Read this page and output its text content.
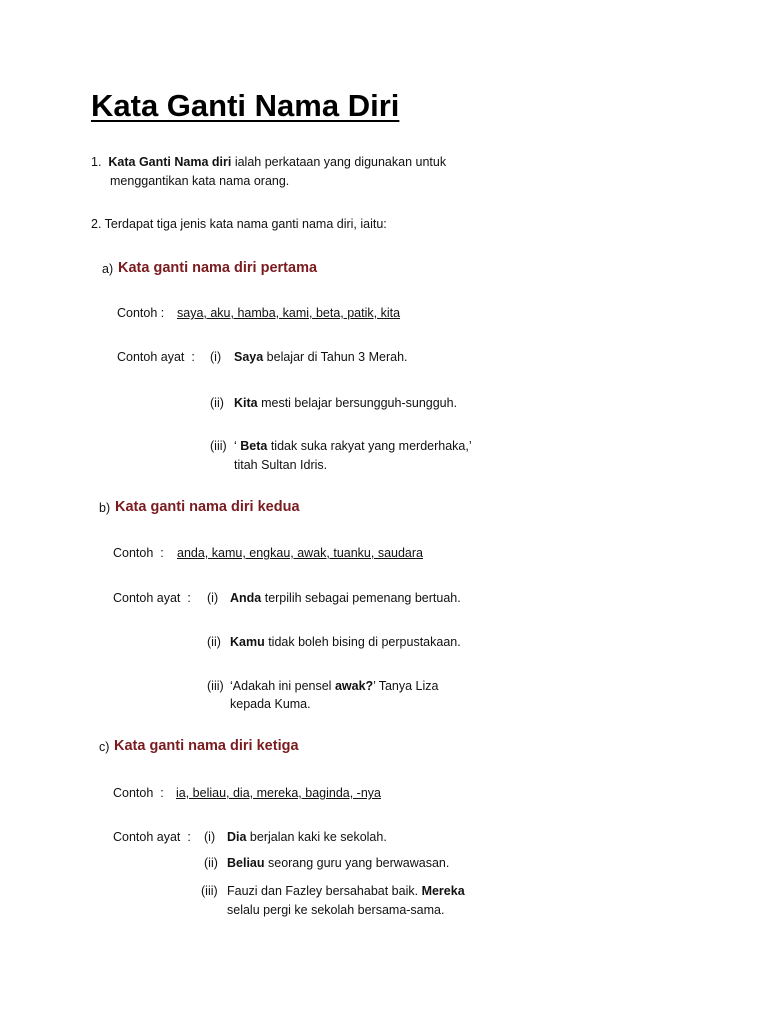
Kata Ganti Nama Diri
1. Kata Ganti Nama diri ialah perkataan yang digunakan untuk
menggantikan kata nama orang.
2. Terdapat tiga jenis kata nama ganti nama diri, iaitu:
a) Kata ganti nama diri pertama
Contoh : saya, aku, hamba, kami, beta, patik, kita
Contoh ayat  : (i) Saya belajar di Tahun 3 Merah.
(ii) Kita mesti belajar bersungguh-sungguh.
(iii) ‘ Beta tidak suka rakyat yang merderhaka,’
titah Sultan Idris.
b) Kata ganti nama diri kedua
Contoh  : anda, kamu, engkau, awak, tuanku, saudara
Contoh ayat  : (i) Anda terpilih sebagai pemenang bertuah.
(ii) Kamu tidak boleh bising di perpustakaan.
(iii) ‘Adakah ini pensel awak?’ Tanya Liza
kepada Kuma.
c) Kata ganti nama diri ketiga
Contoh  : ia, beliau, dia, mereka, baginda, -nya
Contoh ayat  : (i) Dia berjalan kaki ke sekolah.
(ii) Beliau seorang guru yang berwawasan.
(iii) Fauzi dan Fazley bersahabat baik. Mereka
selalu pergi ke sekolah bersama-sama.
